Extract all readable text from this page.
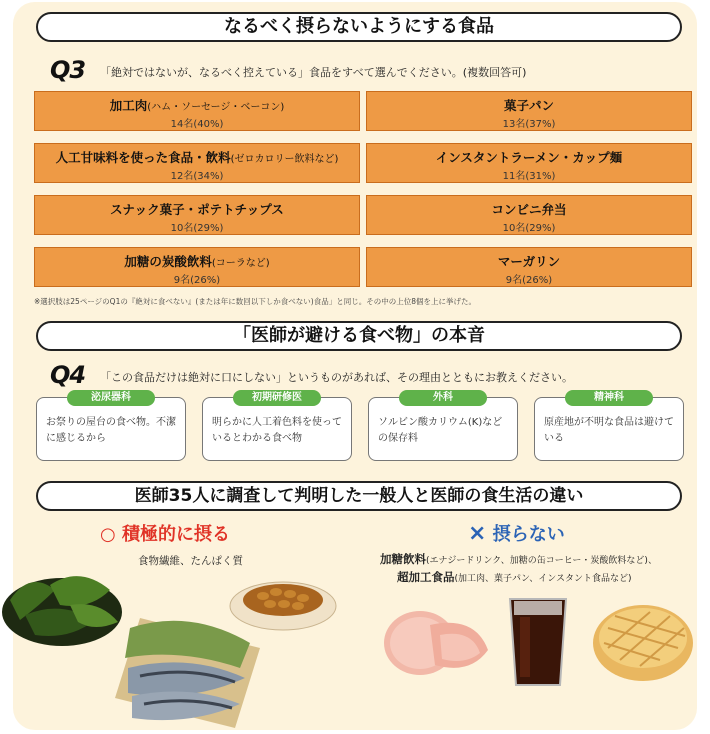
なるべく摂らないようにする食品
Q3 「絶対ではないが、なるべく控えている」食品をすべて選んでください。(複数回答可)
加工肉(ハム・ソーセージ・ベーコン)
14名(40%)
菓子パン
13名(37%)
人工甘味料を使った食品・飲料(ゼロカロリー飲料など)
12名(34%)
インスタントラーメン・カップ麺
11名(31%)
スナック菓子・ポテトチップス
10名(29%)
コンビニ弁当
10名(29%)
加糖の炭酸飲料(コーラなど)
9名(26%)
マーガリン
9名(26%)
※選択肢は25ページのQ1の『絶対に食べない』(または年に数回以下しか食べない)食品」と同じ。その中の上位8個を上に挙げた。
「医師が避ける食べ物」の本音
Q4 「この食品だけは絶対に口にしない」というものがあれば、その理由とともにお教えください。
泌尿器科
お祭りの屋台の食べ物。不潔に感じるから
初期研修医
明らかに人工着色料を使っているとわかる食べ物
外科
ソルビン酸カリウム(K)などの保存料
精神科
原産地が不明な食品は避けている
医師35人に調査して判明した一般人と医師の食生活の違い
○ 積極的に摂る
食物繊維、たんぱく質
× 摂らない
加糖飲料(エナジードリンク、加糖の缶コーヒー・炭酸飲料など)、
超加工食品(加工肉、菓子パン、インスタント食品など)
